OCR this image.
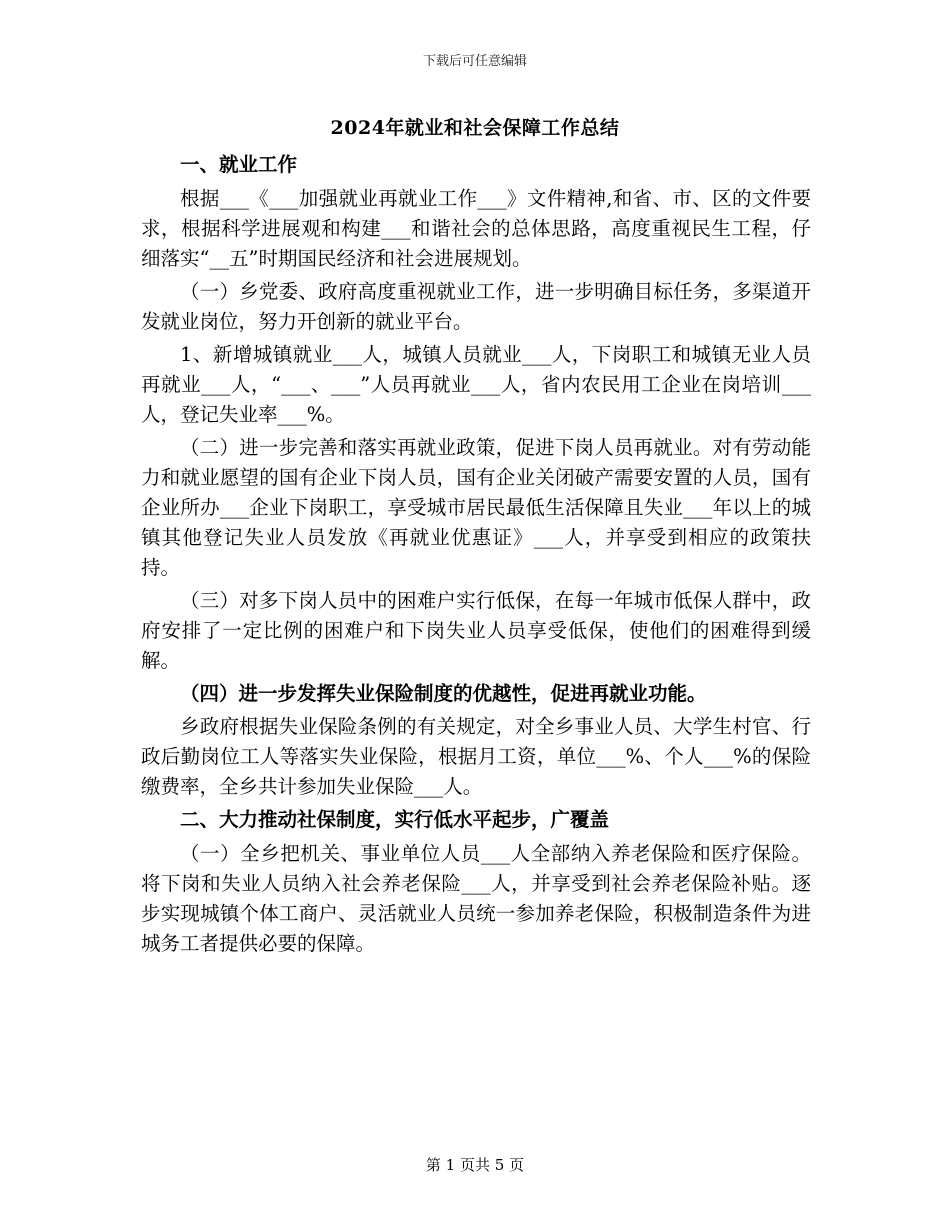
下载后可任意编辑
2024年就业和社会保障工作总结

一、就业工作

根据___《___加强就业再就业工作___》文件精神,和省、市、区的文件要求，根据科学进展观和构建___和谐社会的总体思路，高度重视民生工程，仔细落实“__五”时期国民经济和社会进展规划。

（一）乡党委、政府高度重视就业工作，进一步明确目标任务，多渠道开发就业岗位，努力开创新的就业平台。

1、新增城镇就业___人，城镇人员就业___人，下岗职工和城镇无业人员再就业___人，“___、___”人员再就业___人，省内农民用工企业在岗培训___人，登记失业率___%。

（二）进一步完善和落实再就业政策，促进下岗人员再就业。对有劳动能力和就业愿望的国有企业下岗人员，国有企业关闭破产需要安置的人员，国有企业所办___企业下岗职工，享受城市居民最低生活保障且失业___年以上的城镇其他登记失业人员发放《再就业优惠证》___人，并享受到相应的政策扶持。

（三）对多下岗人员中的困难户实行低保，在每一年城市低保人群中，政府安排了一定比例的困难户和下岗失业人员享受低保，使他们的困难得到缓解。

（四）进一步发挥失业保险制度的优越性，促进再就业功能。

乡政府根据失业保险条例的有关规定，对全乡事业人员、大学生村官、行政后勤岗位工人等落实失业保险，根据月工资，单位___%、个人___%的保险缴费率，全乡共计参加失业保险___人。

二、大力推动社保制度，实行低水平起步，广覆盖

（一）全乡把机关、事业单位人员___人全部纳入养老保险和医疗保险。将下岗和失业人员纳入社会养老保险___人，并享受到社会养老保险补贴。逐步实现城镇个体工商户、灵活就业人员统一参加养老保险，积极制造条件为进城务工者提供必要的保障。

第 1 页共 5 页
